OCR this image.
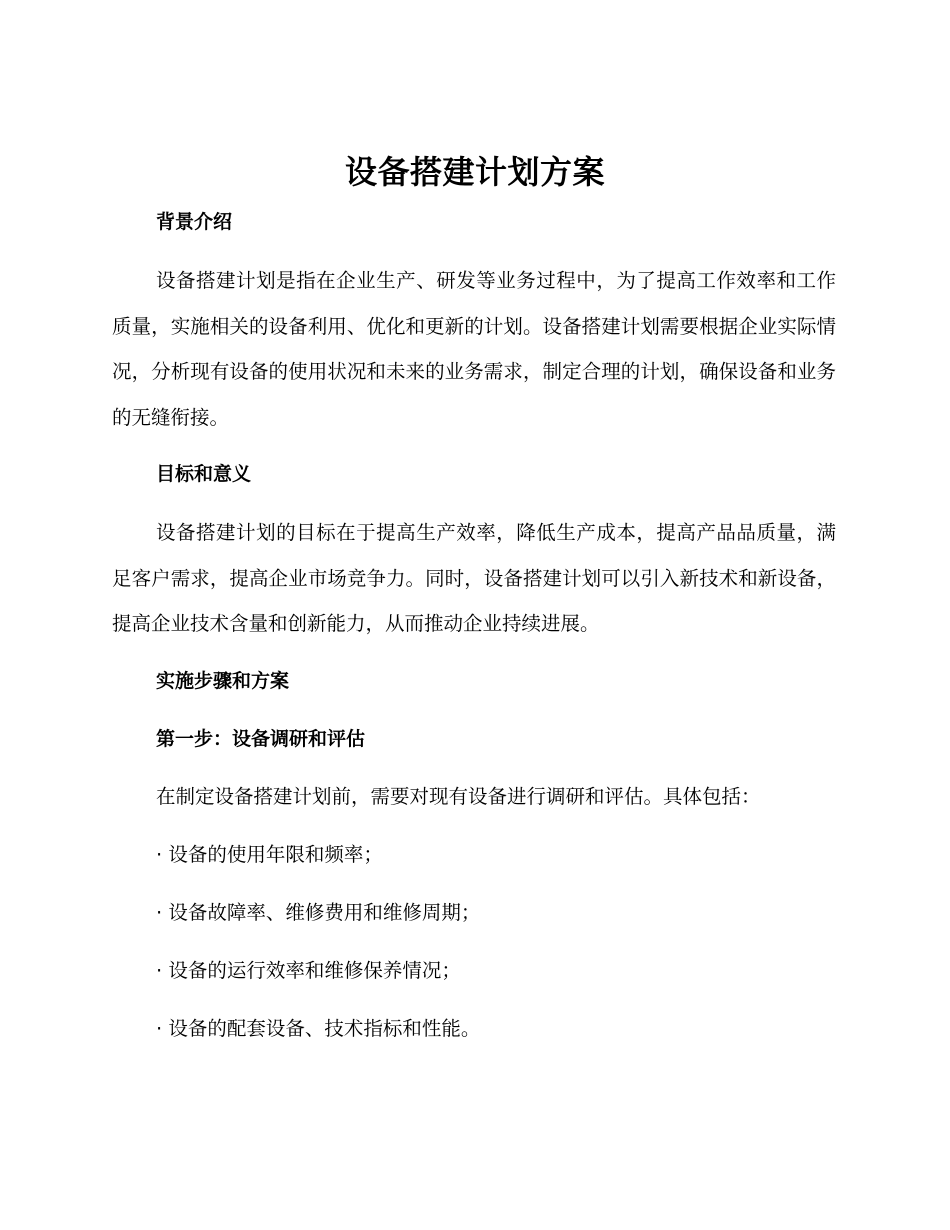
设备搭建计划方案

背景介绍

设备搭建计划是指在企业生产、研发等业务过程中，为了提高工作效率和工作质量，实施相关的设备利用、优化和更新的计划。设备搭建计划需要根据企业实际情况，分析现有设备的使用状况和未来的业务需求，制定合理的计划，确保设备和业务的无缝衔接。

目标和意义

设备搭建计划的目标在于提高生产效率，降低生产成本，提高产品品质量，满足客户需求，提高企业市场竞争力。同时，设备搭建计划可以引入新技术和新设备，提高企业技术含量和创新能力，从而推动企业持续进展。

实施步骤和方案

第一步：设备调研和评估

在制定设备搭建计划前，需要对现有设备进行调研和评估。具体包括：

· 设备的使用年限和频率；

· 设备故障率、维修费用和维修周期；

· 设备的运行效率和维修保养情况；

· 设备的配套设备、技术指标和性能。
